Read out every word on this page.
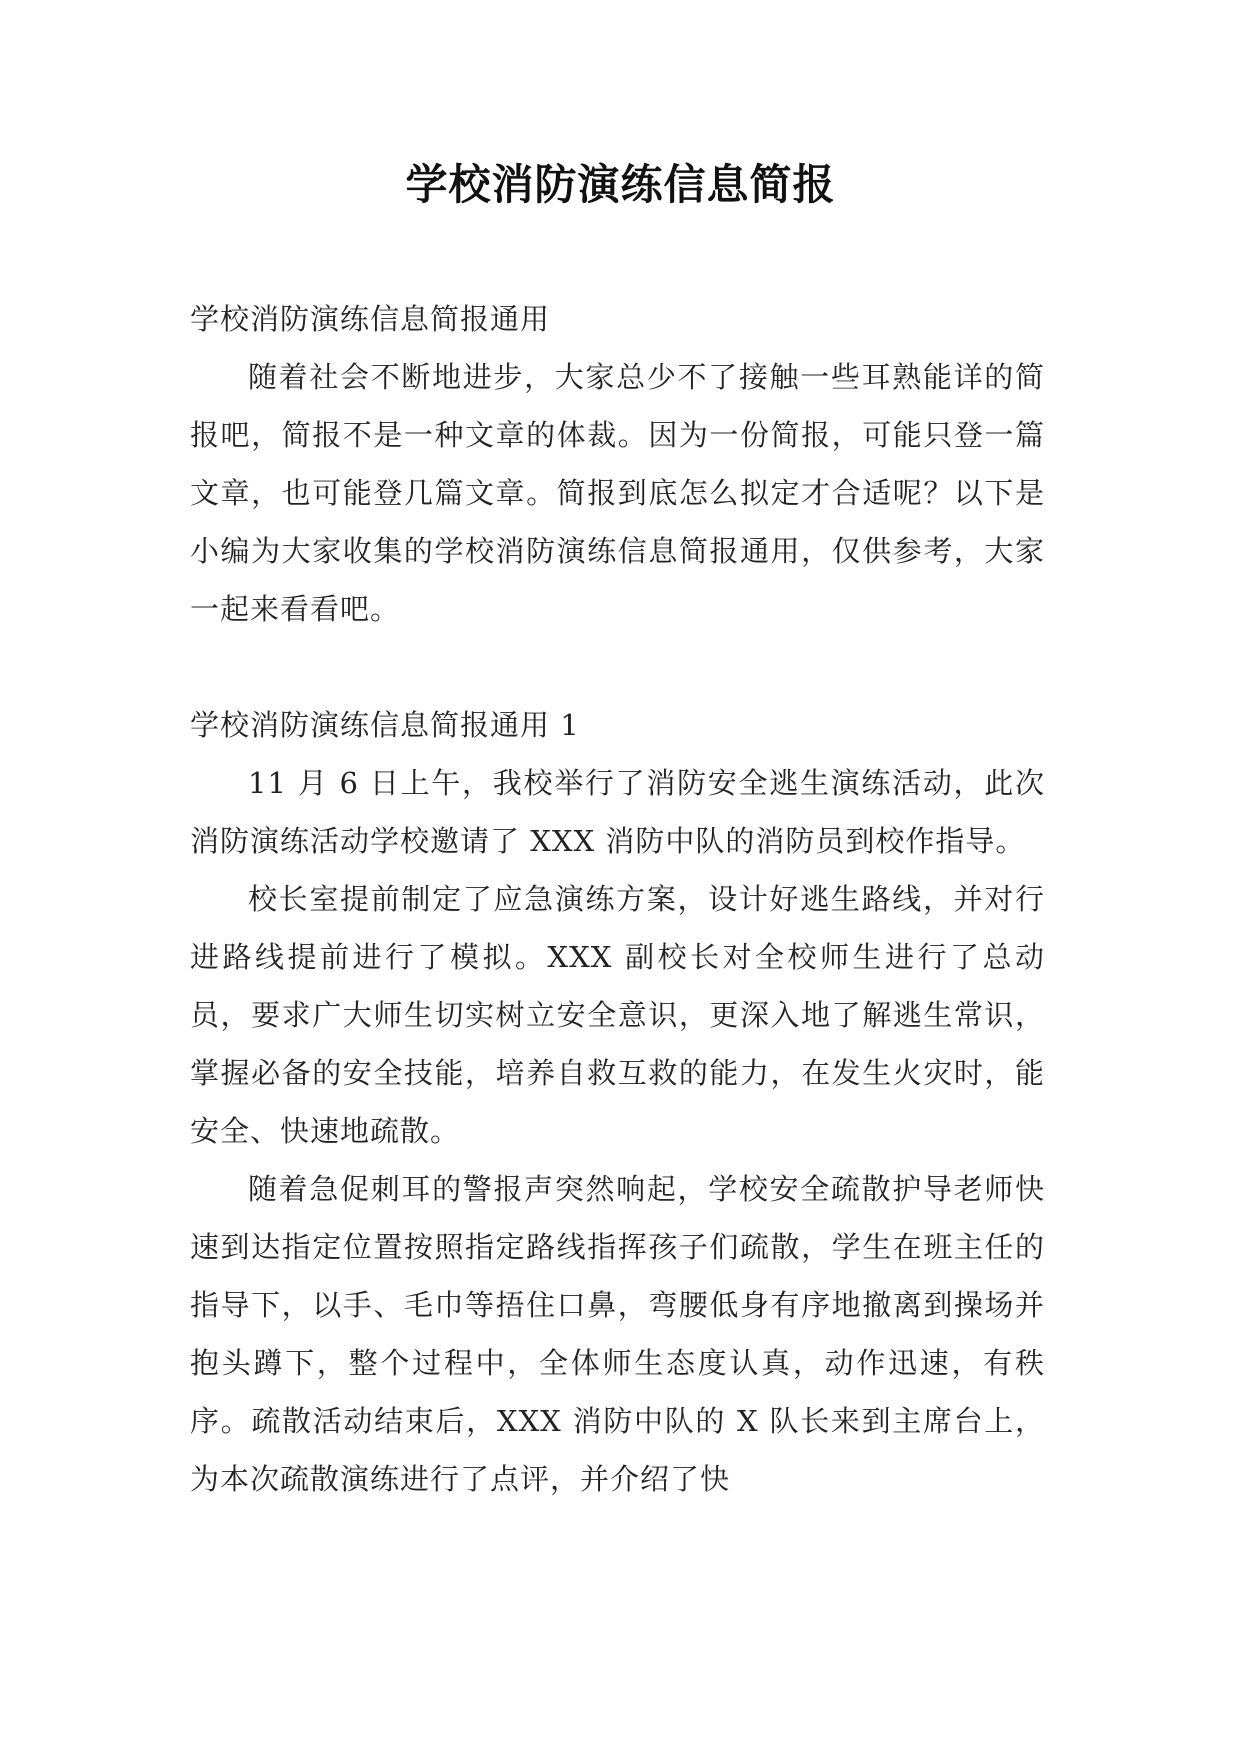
学校消防演练信息简报

学校消防演练信息简报通用

随着社会不断地进步，大家总少不了接触一些耳熟能详的简报吧，简报不是一种文章的体裁。因为一份简报，可能只登一篇文章，也可能登几篇文章。简报到底怎么拟定才合适呢？以下是小编为大家收集的学校消防演练信息简报通用，仅供参考，大家一起来看看吧。

学校消防演练信息简报通用 1

11 月 6 日上午，我校举行了消防安全逃生演练活动，此次消防演练活动学校邀请了 XXX 消防中队的消防员到校作指导。

校长室提前制定了应急演练方案，设计好逃生路线，并对行进路线提前进行了模拟。XXX 副校长对全校师生进行了总动员，要求广大师生切实树立安全意识，更深入地了解逃生常识，掌握必备的安全技能，培养自救互救的能力，在发生火灾时，能安全、快速地疏散。

随着急促刺耳的警报声突然响起，学校安全疏散护导老师快速到达指定位置按照指定路线指挥孩子们疏散，学生在班主任的指导下，以手、毛巾等捂住口鼻，弯腰低身有序地撤离到操场并抱头蹲下，整个过程中，全体师生态度认真，动作迅速，有秩序。疏散活动结束后，XXX 消防中队的 X 队长来到主席台上，为本次疏散演练进行了点评，并介绍了快
